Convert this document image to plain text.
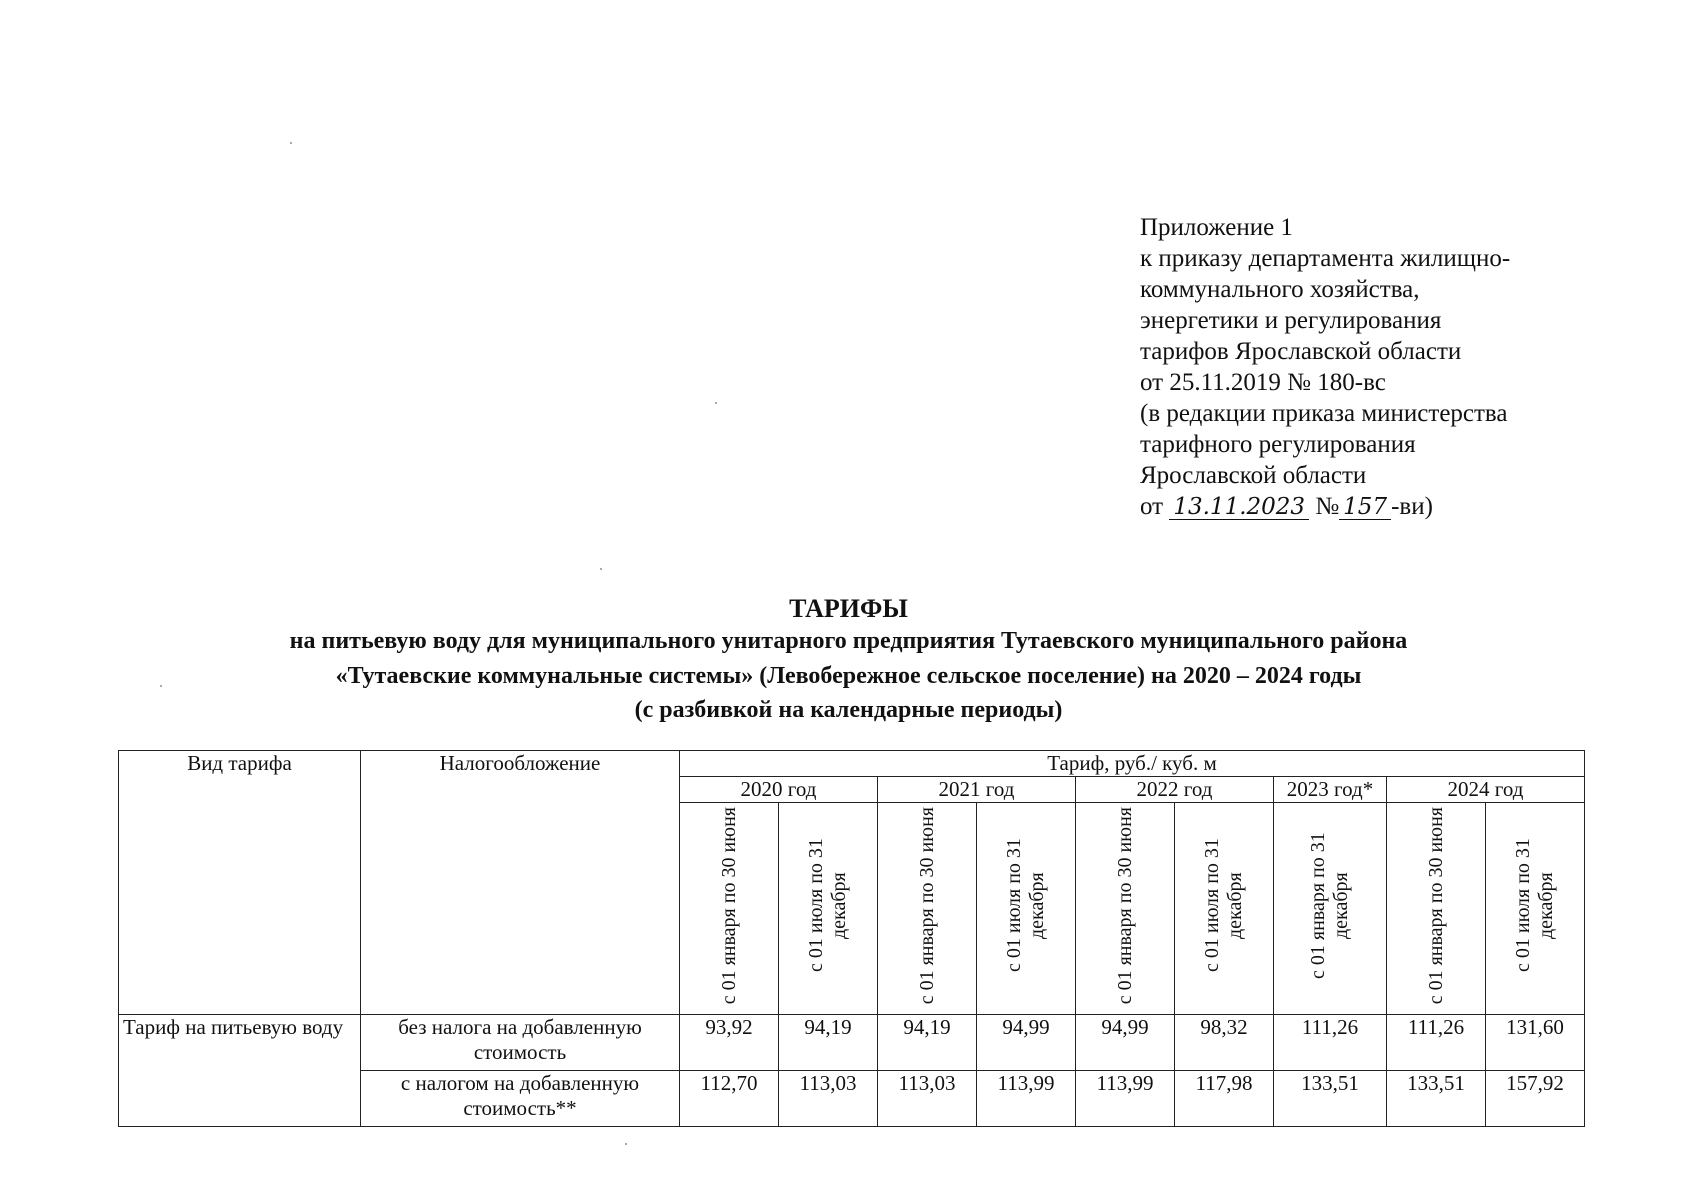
Приложение 1
к приказу департамента жилищно-
коммунального хозяйства,
энергетики и регулирования
тарифов Ярославской области
от 25.11.2019 № 180-вс
(в редакции приказа министерства
тарифного регулирования
Ярославской области
от 13.11.2023 № 157 -ви)
ТАРИФЫ
на питьевую воду для муниципального унитарного предприятия Тутаевского муниципального района
«Тутаевские коммунальные системы» (Левобережное сельское поселение) на 2020 – 2024 годы
(с разбивкой на календарные периоды)
Вид тарифа	Налогообложение	Тариф, руб./ куб. м								
		2020 год		2021 год		2022 год		2023 год*	2024 год	
		с 01 января по 30 июня	с 01 июля по 31 декабря	с 01 января по 30 июня	с 01 июля по 31 декабря	с 01 января по 30 июня	с 01 июля по 31 декабря	с 01 января по 31 декабря	с 01 января по 30 июня	с 01 июля по 31 декабря
Тариф на питьевую воду	без налога на добавленную стоимость	93,92	94,19	94,19	94,99	94,99	98,32	111,26	111,26	131,60
	с налогом на добавленную стоимость**	112,70	113,03	113,03	113,99	113,99	117,98	133,51	133,51	157,92
